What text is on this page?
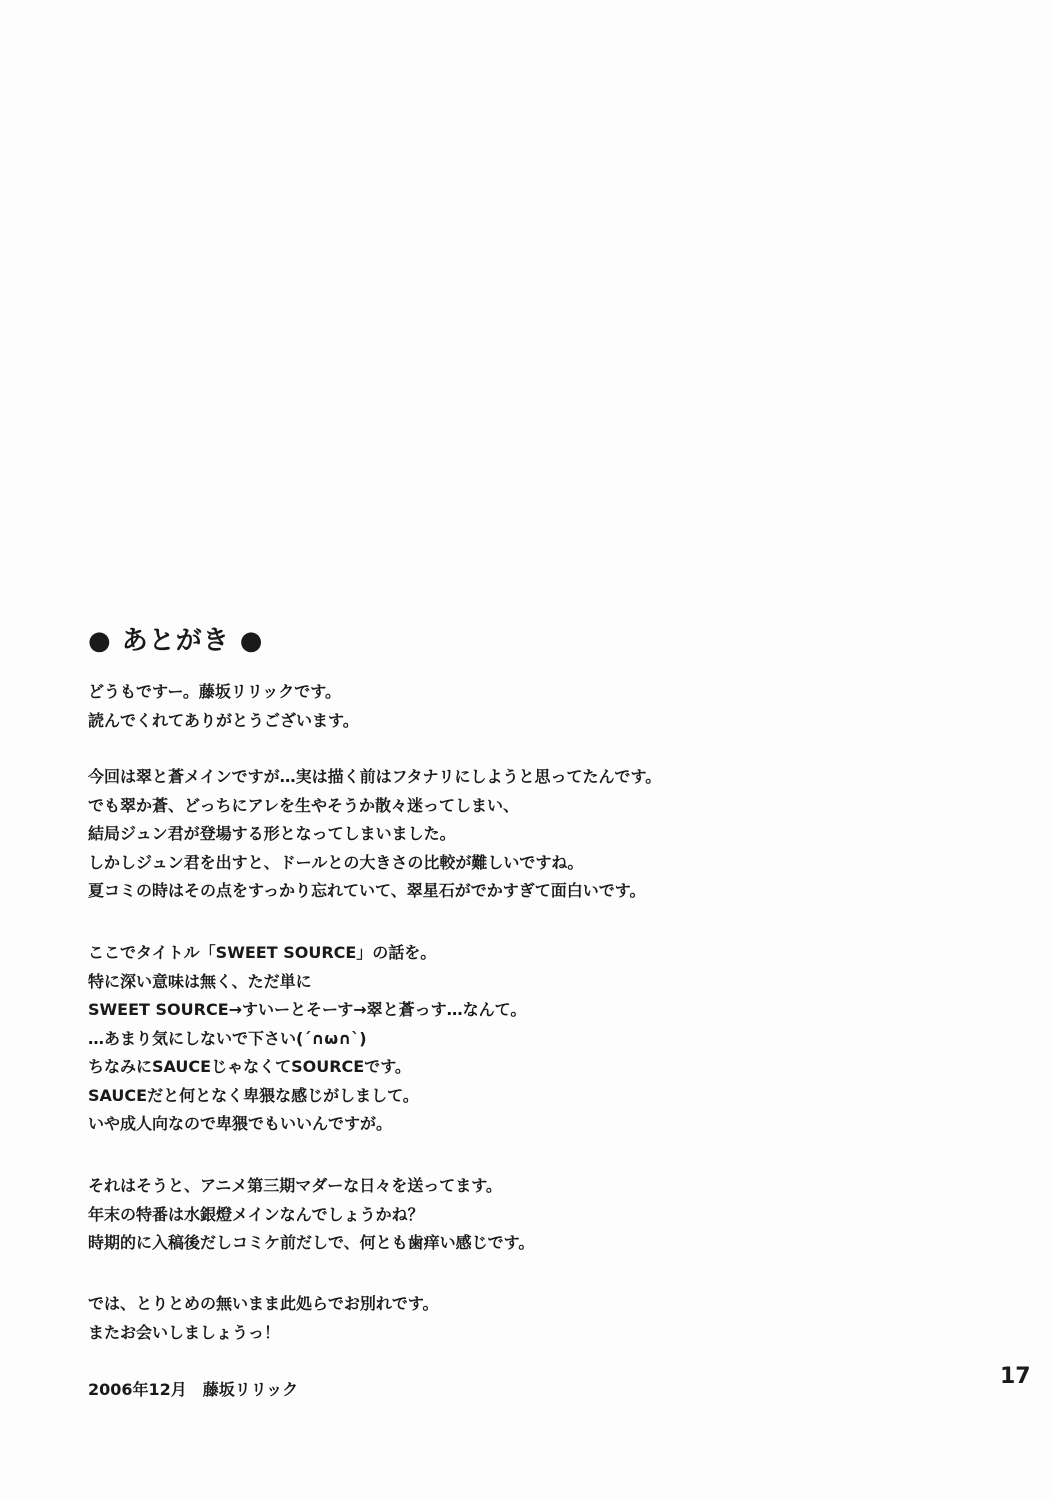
● あとがき ●
どうもですー。藤坂リリックです。
読んでくれてありがとうございます。
今回は翠と蒼メインですが…実は描く前はフタナリにしようと思ってたんです。
でも翠か蒼、どっちにアレを生やそうか散々迷ってしまい、
結局ジュン君が登場する形となってしまいました。
しかしジュン君を出すと、ドールとの大きさの比較が難しいですね。
夏コミの時はその点をすっかり忘れていて、翠星石がでかすぎて面白いです。
ここでタイトル「SWEET SOURCE」の話を。
特に深い意味は無く、ただ単に
SWEET SOURCE→すいーとそーす→翠と蒼っす…なんて。
…あまり気にしないで下さい(´∩ω∩`)
ちなみにSAUCEじゃなくてSOURCEです。
SAUCEだと何となく卑猥な感じがしまして。
いや成人向なので卑猥でもいいんですが。
それはそうと、アニメ第三期マダーな日々を送ってます。
年末の特番は水銀燈メインなんでしょうかね？
時期的に入稿後だしコミケ前だしで、何とも歯痒い感じです。
では、とりとめの無いまま此処らでお別れです。
またお会いしましょうっ！
2006年12月　藤坂リリック
17
